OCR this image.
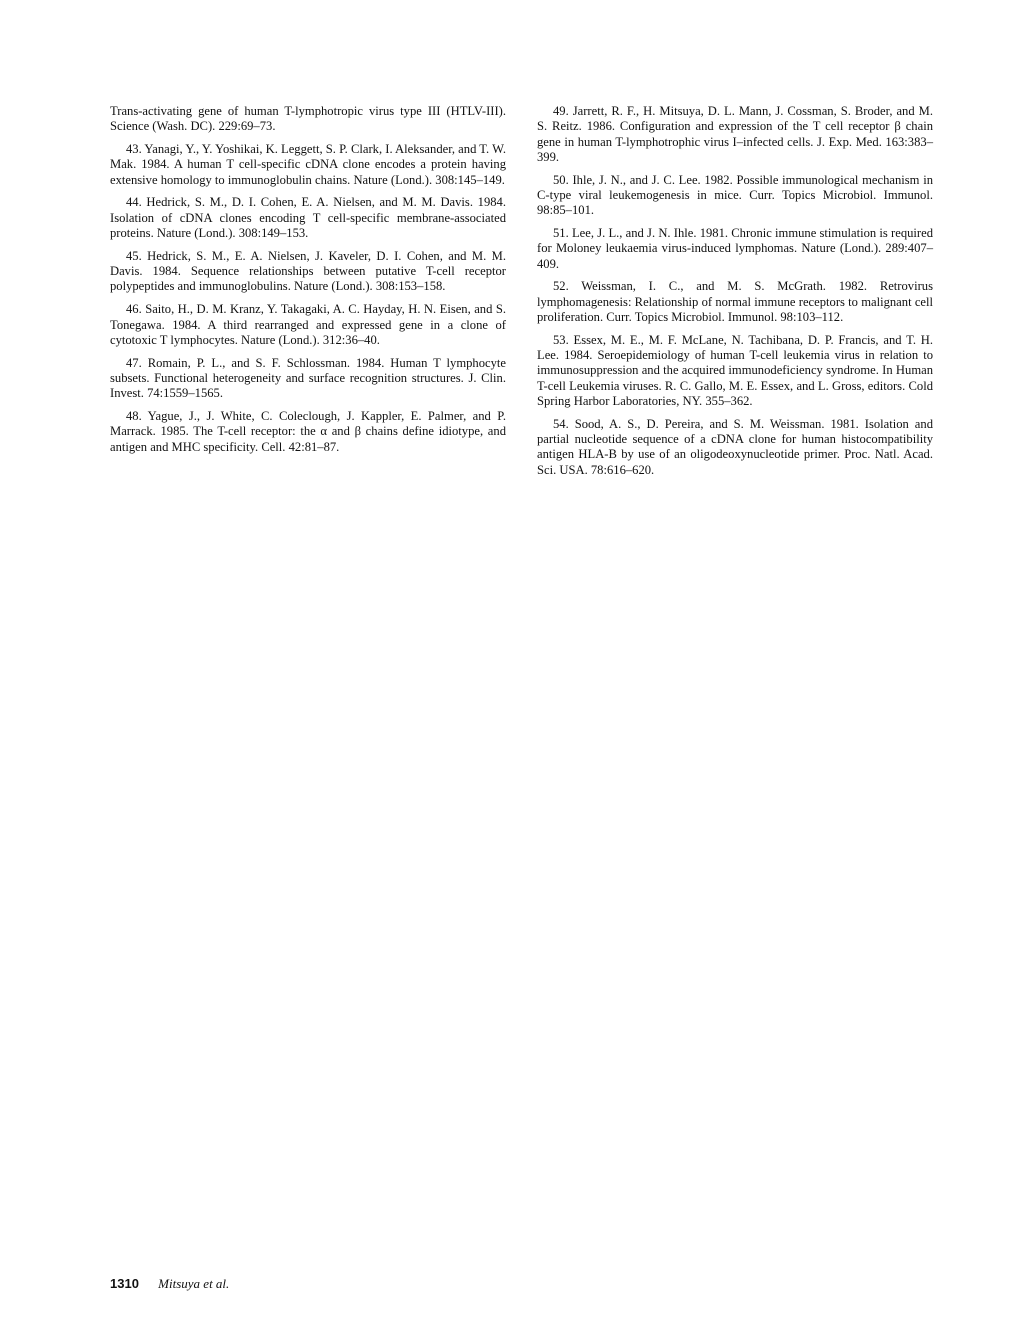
Trans-activating gene of human T-lymphotropic virus type III (HTLV-III). Science (Wash. DC). 229:69–73.

43. Yanagi, Y., Y. Yoshikai, K. Leggett, S. P. Clark, I. Aleksander, and T. W. Mak. 1984. A human T cell-specific cDNA clone encodes a protein having extensive homology to immunoglobulin chains. Nature (Lond.). 308:145–149.

44. Hedrick, S. M., D. I. Cohen, E. A. Nielsen, and M. M. Davis. 1984. Isolation of cDNA clones encoding T cell-specific membrane-associated proteins. Nature (Lond.). 308:149–153.

45. Hedrick, S. M., E. A. Nielsen, J. Kaveler, D. I. Cohen, and M. M. Davis. 1984. Sequence relationships between putative T-cell receptor polypeptides and immunoglobulins. Nature (Lond.). 308:153–158.

46. Saito, H., D. M. Kranz, Y. Takagaki, A. C. Hayday, H. N. Eisen, and S. Tonegawa. 1984. A third rearranged and expressed gene in a clone of cytotoxic T lymphocytes. Nature (Lond.). 312:36–40.

47. Romain, P. L., and S. F. Schlossman. 1984. Human T lymphocyte subsets. Functional heterogeneity and surface recognition structures. J. Clin. Invest. 74:1559–1565.

48. Yague, J., J. White, C. Coleclough, J. Kappler, E. Palmer, and P. Marrack. 1985. The T-cell receptor: the α and β chains define idiotype, and antigen and MHC specificity. Cell. 42:81–87.

49. Jarrett, R. F., H. Mitsuya, D. L. Mann, J. Cossman, S. Broder, and M. S. Reitz. 1986. Configuration and expression of the T cell receptor β chain gene in human T-lymphotrophic virus I–infected cells. J. Exp. Med. 163:383–399.

50. Ihle, J. N., and J. C. Lee. 1982. Possible immunological mechanism in C-type viral leukemogenesis in mice. Curr. Topics Microbiol. Immunol. 98:85–101.

51. Lee, J. L., and J. N. Ihle. 1981. Chronic immune stimulation is required for Moloney leukaemia virus-induced lymphomas. Nature (Lond.). 289:407–409.

52. Weissman, I. C., and M. S. McGrath. 1982. Retrovirus lymphomagenesis: Relationship of normal immune receptors to malignant cell proliferation. Curr. Topics Microbiol. Immunol. 98:103–112.

53. Essex, M. E., M. F. McLane, N. Tachibana, D. P. Francis, and T. H. Lee. 1984. Seroepidemiology of human T-cell leukemia virus in relation to immunosuppression and the acquired immunodeficiency syndrome. In Human T-cell Leukemia viruses. R. C. Gallo, M. E. Essex, and L. Gross, editors. Cold Spring Harbor Laboratories, NY. 355–362.

54. Sood, A. S., D. Pereira, and S. M. Weissman. 1981. Isolation and partial nucleotide sequence of a cDNA clone for human histocompatibility antigen HLA-B by use of an oligodeoxynucleotide primer. Proc. Natl. Acad. Sci. USA. 78:616–620.

1310 Mitsuya et al.
